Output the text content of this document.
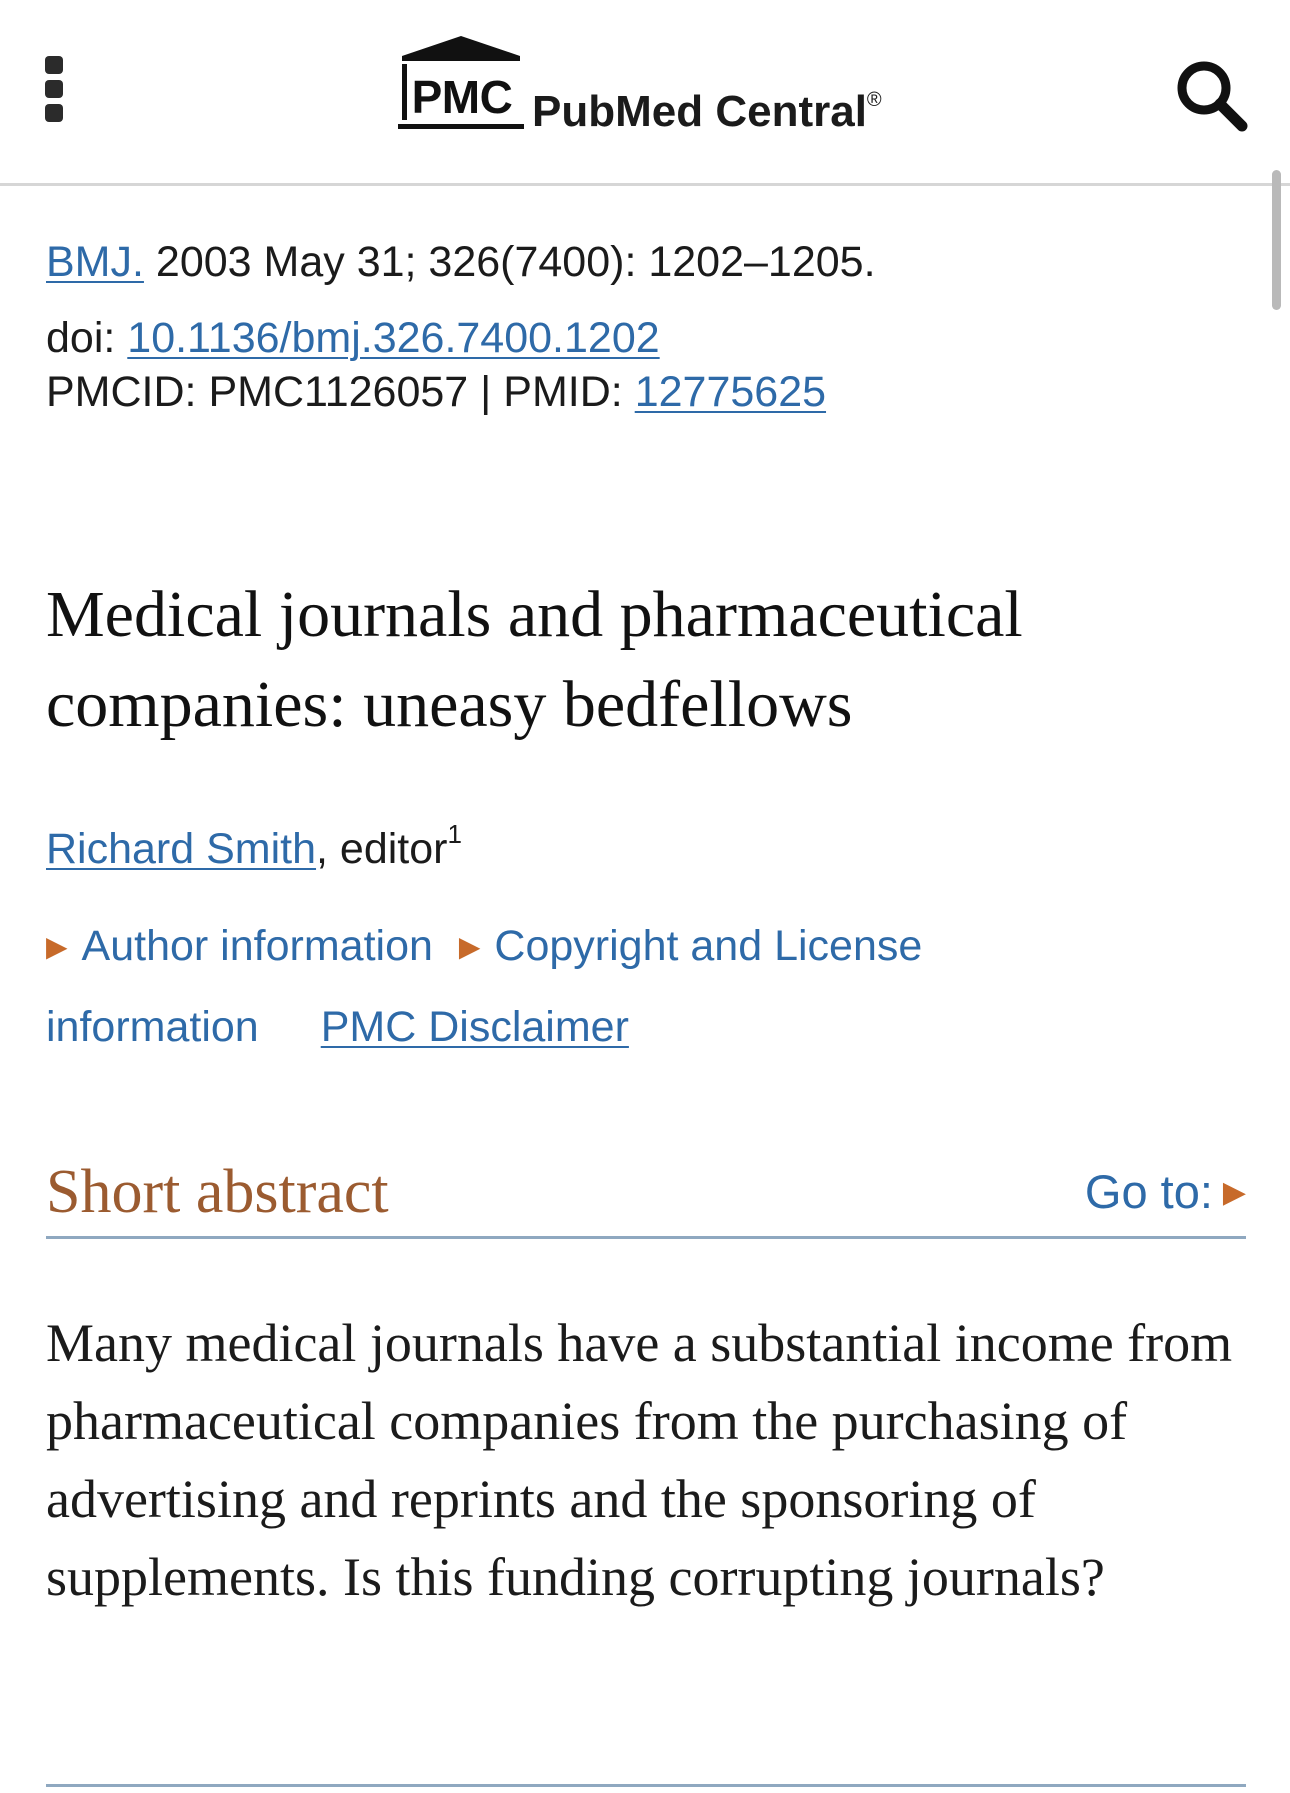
PMC PubMed Central®
BMJ. 2003 May 31; 326(7400): 1202–1205.
doi: 10.1136/bmj.326.7400.1202
PMCID: PMC1126057 | PMID: 12775625
Medical journals and pharmaceutical companies: uneasy bedfellows
Richard Smith, editor$^1$
▶ Author information ▶ Copyright and License
information PMC Disclaimer
Short abstract	Go to: ▶

Many medical journals have a substantial income from pharmaceutical companies from the purchasing of advertising and reprints and the sponsoring of supplements. Is this funding corrupting journals?
